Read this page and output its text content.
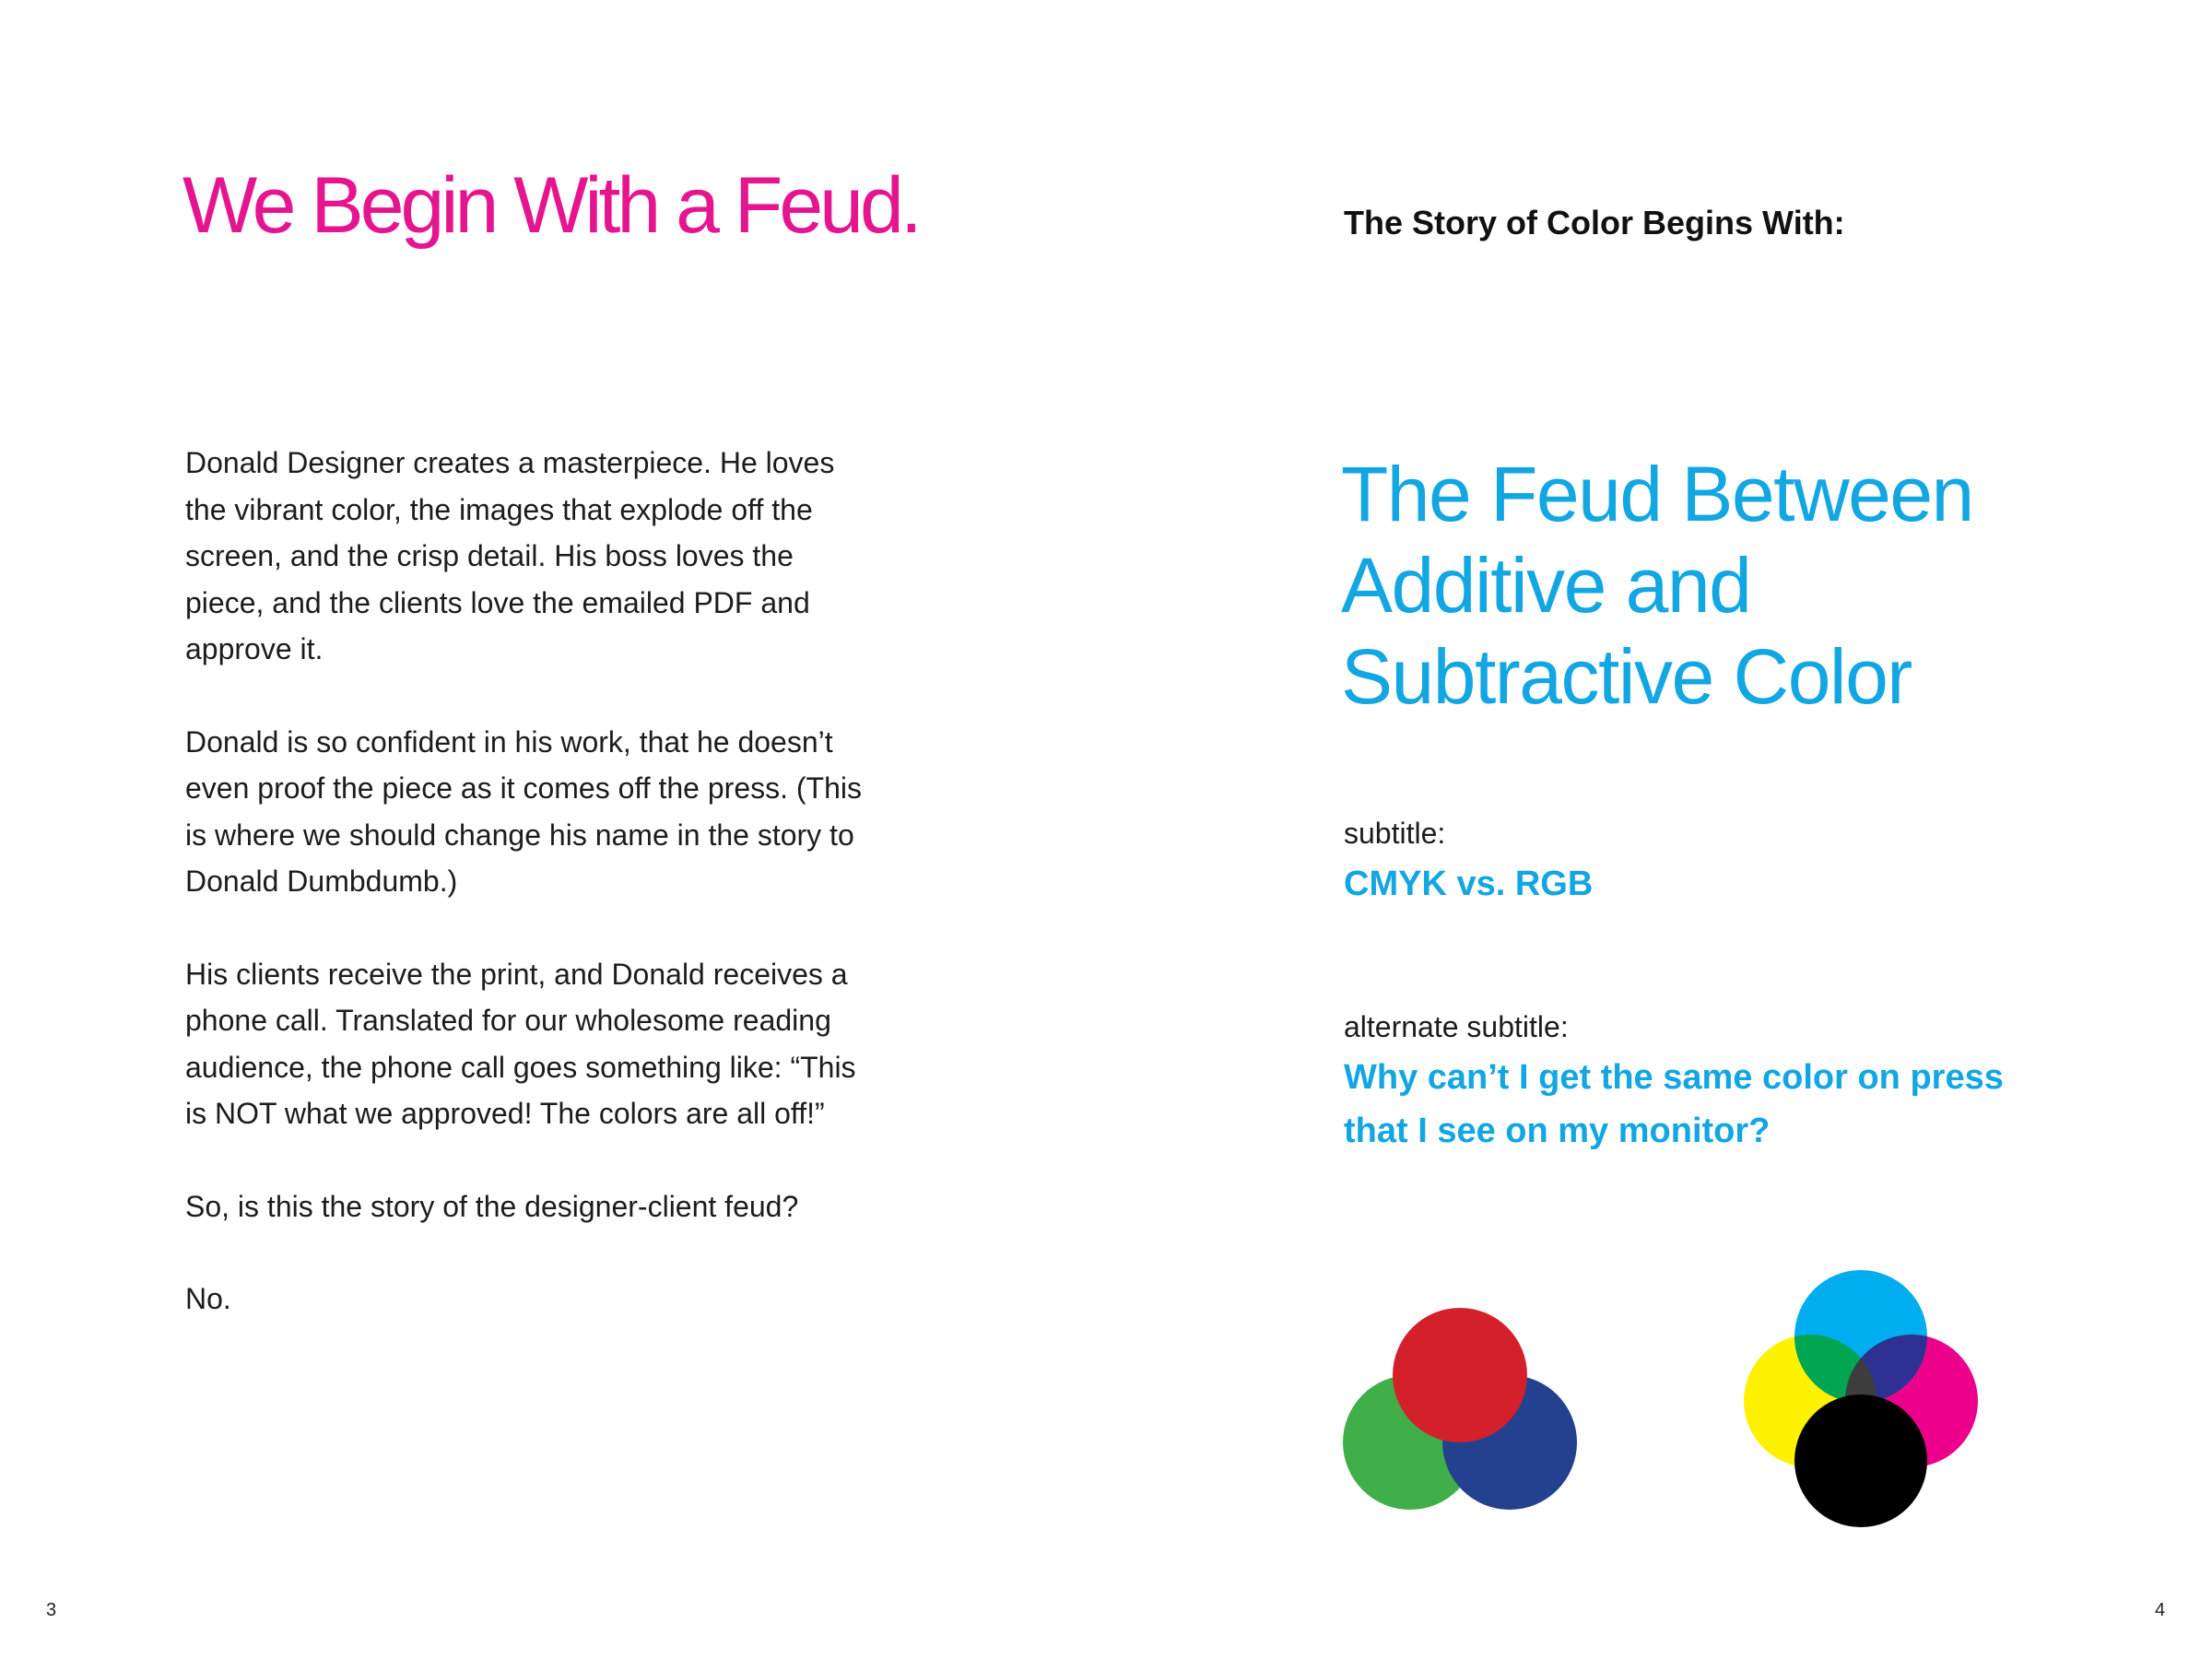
We Begin With a Feud.

Donald Designer creates a masterpiece. He loves
the vibrant color, the images that explode off the
screen, and the crisp detail. His boss loves the
piece, and the clients love the emailed PDF and
approve it.

Donald is so confident in his work, that he doesn’t
even proof the piece as it comes off the press. (This
is where we should change his name in the story to
Donald Dumbdumb.)

His clients receive the print, and Donald receives a
phone call. Translated for our wholesome reading
audience, the phone call goes something like: “This
is NOT what we approved! The colors are all off!”

So, is this the story of the designer-client feud?

No.

3
The Story of Color Begins With:
The Feud Between
Additive and
Subtractive Color
subtitle:
CMYK vs. RGB
alternate subtitle:
Why can’t I get the same color on press
that I see on my monitor?
4
